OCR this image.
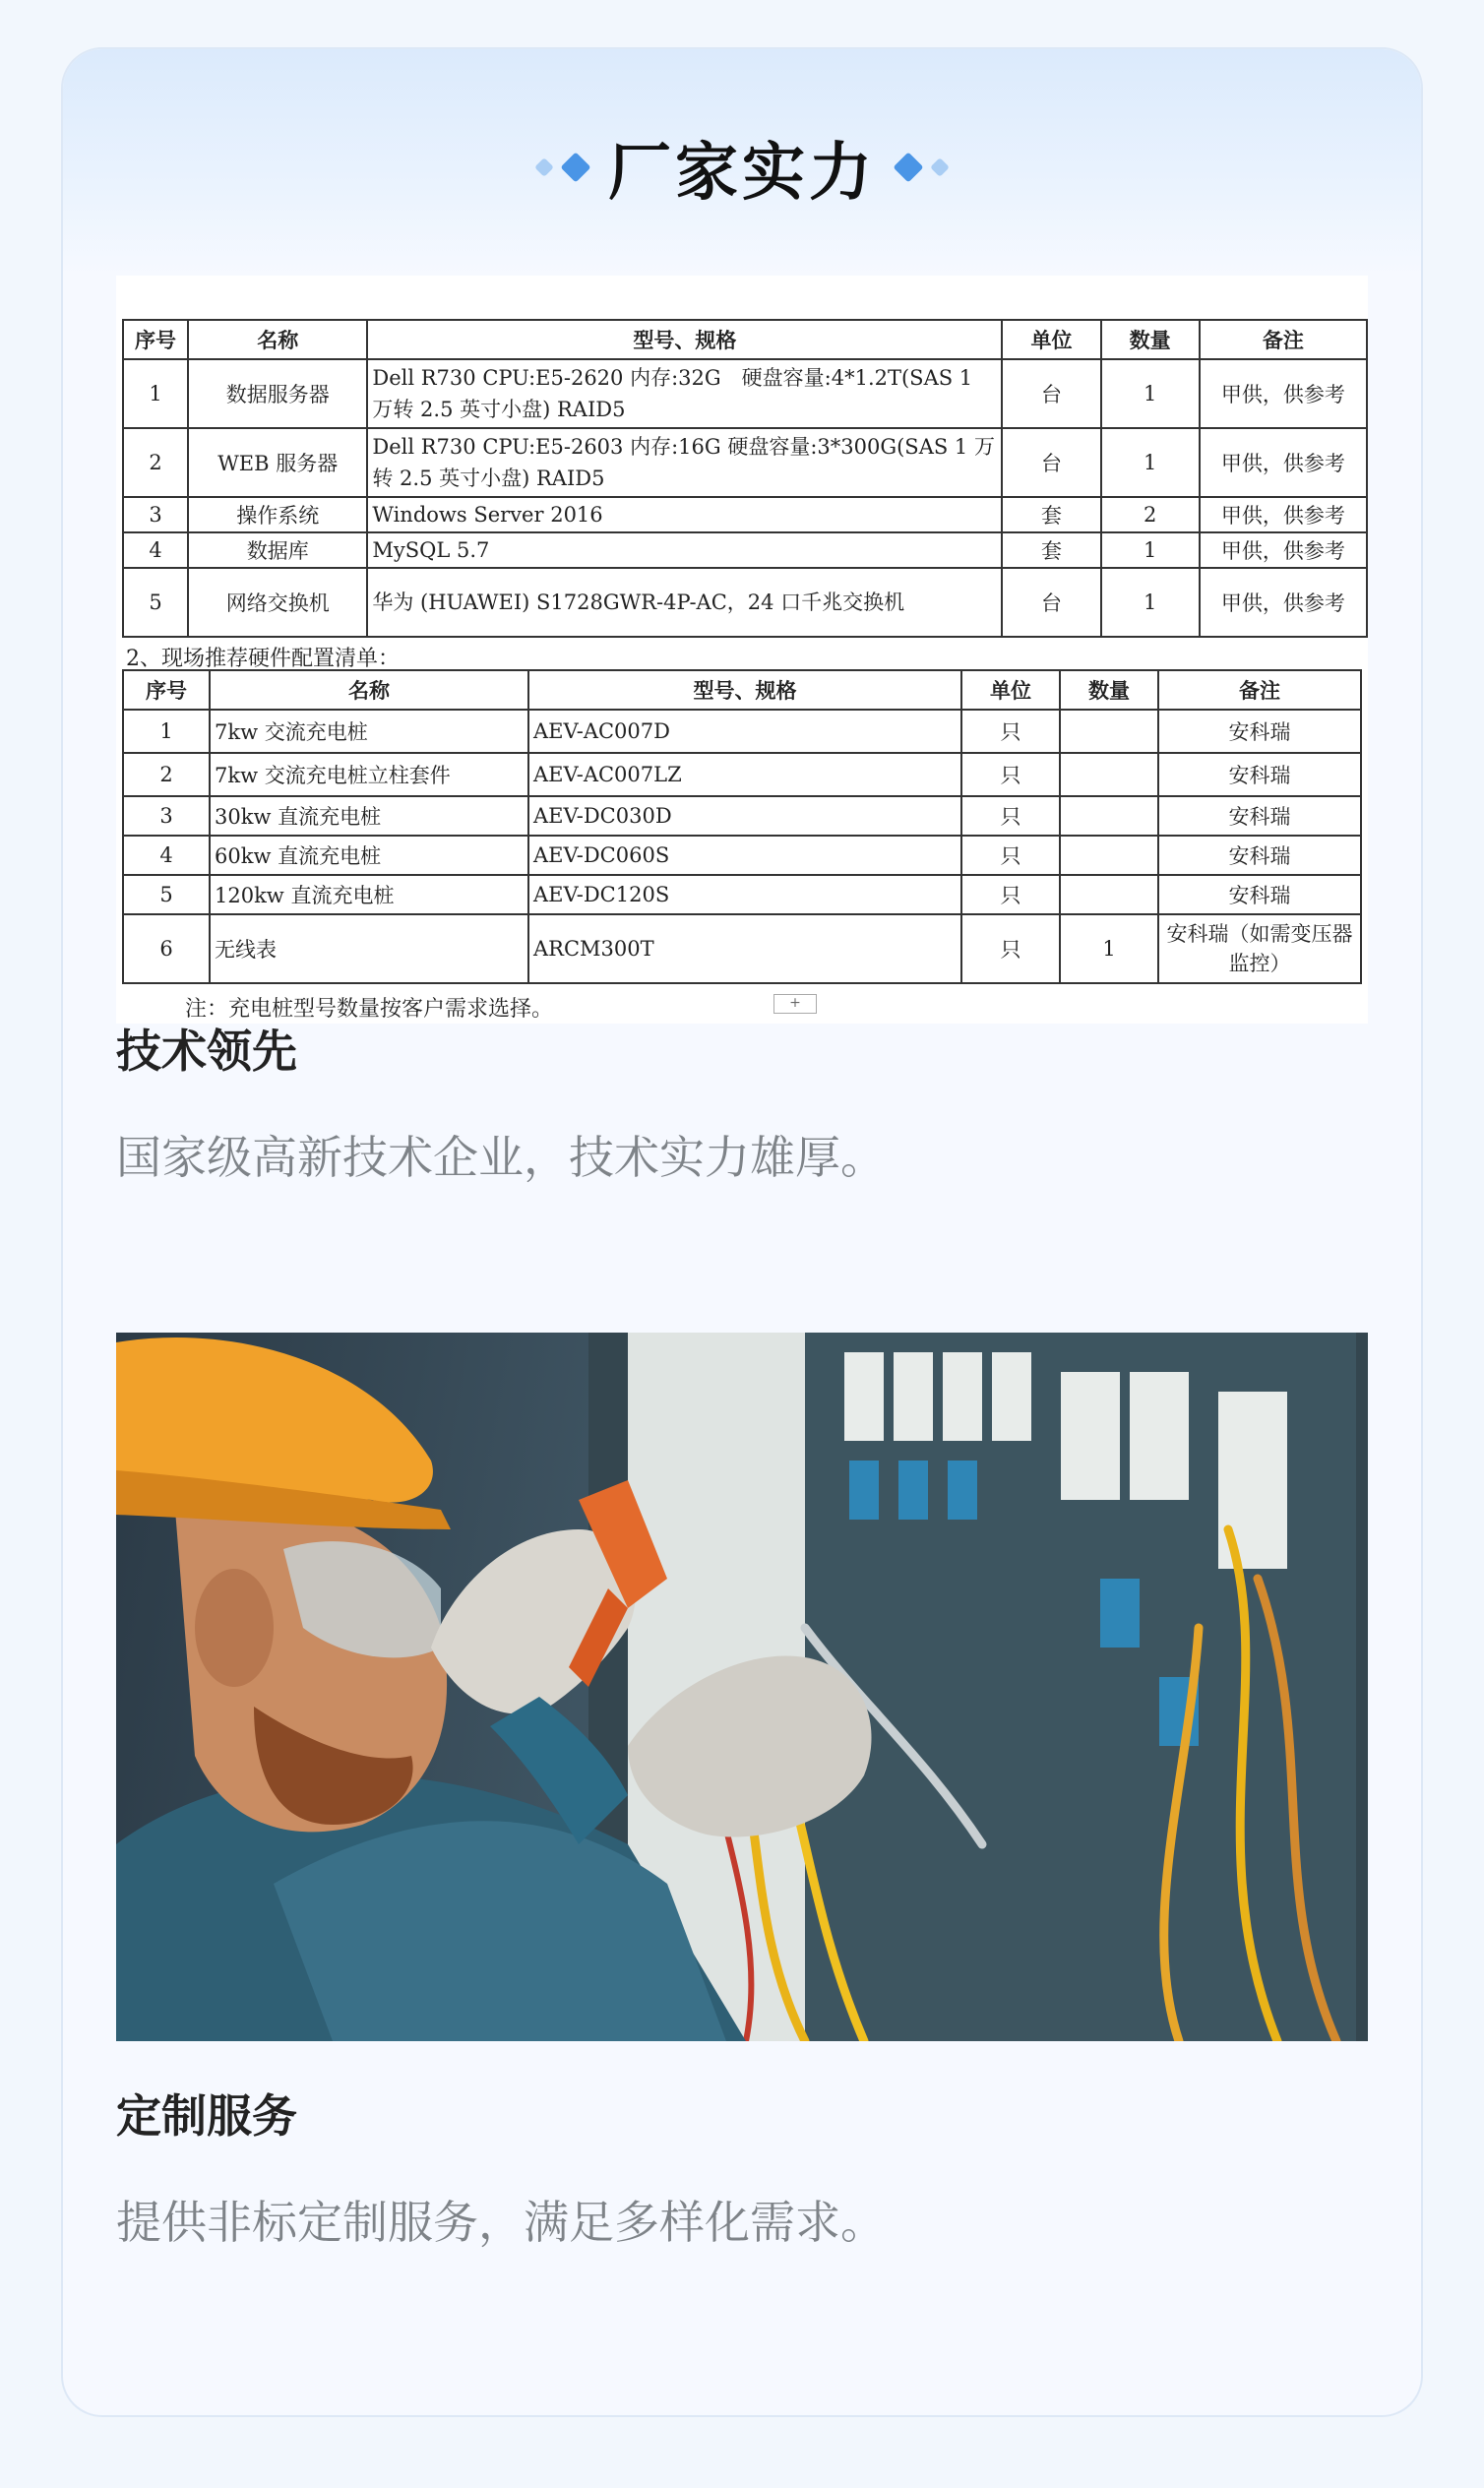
厂家实力
序号	名称	型号、规格	单位	数量	备注
1	数据服务器	Dell R730 CPU:E5-2620 内存:32G　硬盘容量:4*1.2T(SAS 1 万转 2.5 英寸小盘) RAID5	台	1	甲供，供参考
2	WEB 服务器	Dell R730 CPU:E5-2603 内存:16G 硬盘容量:3*300G(SAS 1 万转 2.5 英寸小盘) RAID5	台	1	甲供，供参考
3	操作系统	Windows Server 2016	套	2	甲供，供参考
4	数据库	MySQL 5.7	套	1	甲供，供参考
5	网络交换机	华为 (HUAWEI) S1728GWR-4P-AC，24 口千兆交换机	台	1	甲供，供参考
2、现场推荐硬件配置清单：
序号	名称	型号、规格	单位	数量	备注
1	7kw 交流充电桩	AEV-AC007D	只		安科瑞
2	7kw 交流充电桩立柱套件	AEV-AC007LZ	只		安科瑞
3	30kw 直流充电桩	AEV-DC030D	只		安科瑞
4	60kw 直流充电桩	AEV-DC060S	只		安科瑞
5	120kw 直流充电桩	AEV-DC120S	只		安科瑞
6	无线表	ARCM300T	只	1	安科瑞（如需变压器监控）
注：充电桩型号数量按客户需求选择。	+
技术领先
国家级高新技术企业，技术实力雄厚。
定制服务
提供非标定制服务，满足多样化需求。
